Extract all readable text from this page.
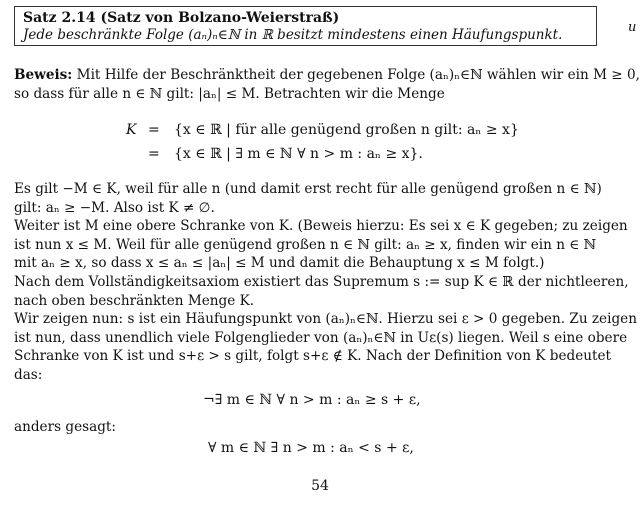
Satz 2.14 (Satz von Bolzano-Weierstraß)
Jede beschränkte Folge (aₙ)ₙ∈ℕ in ℝ besitzt mindestens einen Häufungspunkt.	u
Beweis: Mit Hilfe der Beschränktheit der gegebenen Folge (aₙ)ₙ∈ℕ wählen wir ein M ≥ 0,
so dass für alle n ∈ ℕ gilt: |aₙ| ≤ M. Betrachten wir die Menge
K = {x ∈ ℝ | für alle genügend großen n gilt: aₙ ≥ x}
= {x ∈ ℝ | ∃ m ∈ ℕ ∀ n > m : aₙ ≥ x}.
Es gilt −M ∈ K, weil für alle n (und damit erst recht für alle genügend großen n ∈ ℕ)
gilt: aₙ ≥ −M. Also ist K ≠ ∅.
Weiter ist M eine obere Schranke von K. (Beweis hierzu: Es sei x ∈ K gegeben; zu zeigen
ist nun x ≤ M. Weil für alle genügend großen n ∈ ℕ gilt: aₙ ≥ x, finden wir ein n ∈ ℕ
mit aₙ ≥ x, so dass x ≤ aₙ ≤ |aₙ| ≤ M und damit die Behauptung x ≤ M folgt.)
Nach dem Vollständigkeitsaxiom existiert das Supremum s := sup K ∈ ℝ der nichtleeren,
nach oben beschränkten Menge K.
Wir zeigen nun: s ist ein Häufungspunkt von (aₙ)ₙ∈ℕ. Hierzu sei ε > 0 gegeben. Zu zeigen
ist nun, dass unendlich viele Folgenglieder von (aₙ)ₙ∈ℕ in Uε(s) liegen. Weil s eine obere
Schranke von K ist und s+ε > s gilt, folgt s+ε ∉ K. Nach der Definition von K bedeutet
das:
¬∃ m ∈ ℕ ∀ n > m : aₙ ≥ s + ε,
anders gesagt:
∀ m ∈ ℕ ∃ n > m : aₙ < s + ε,
54
